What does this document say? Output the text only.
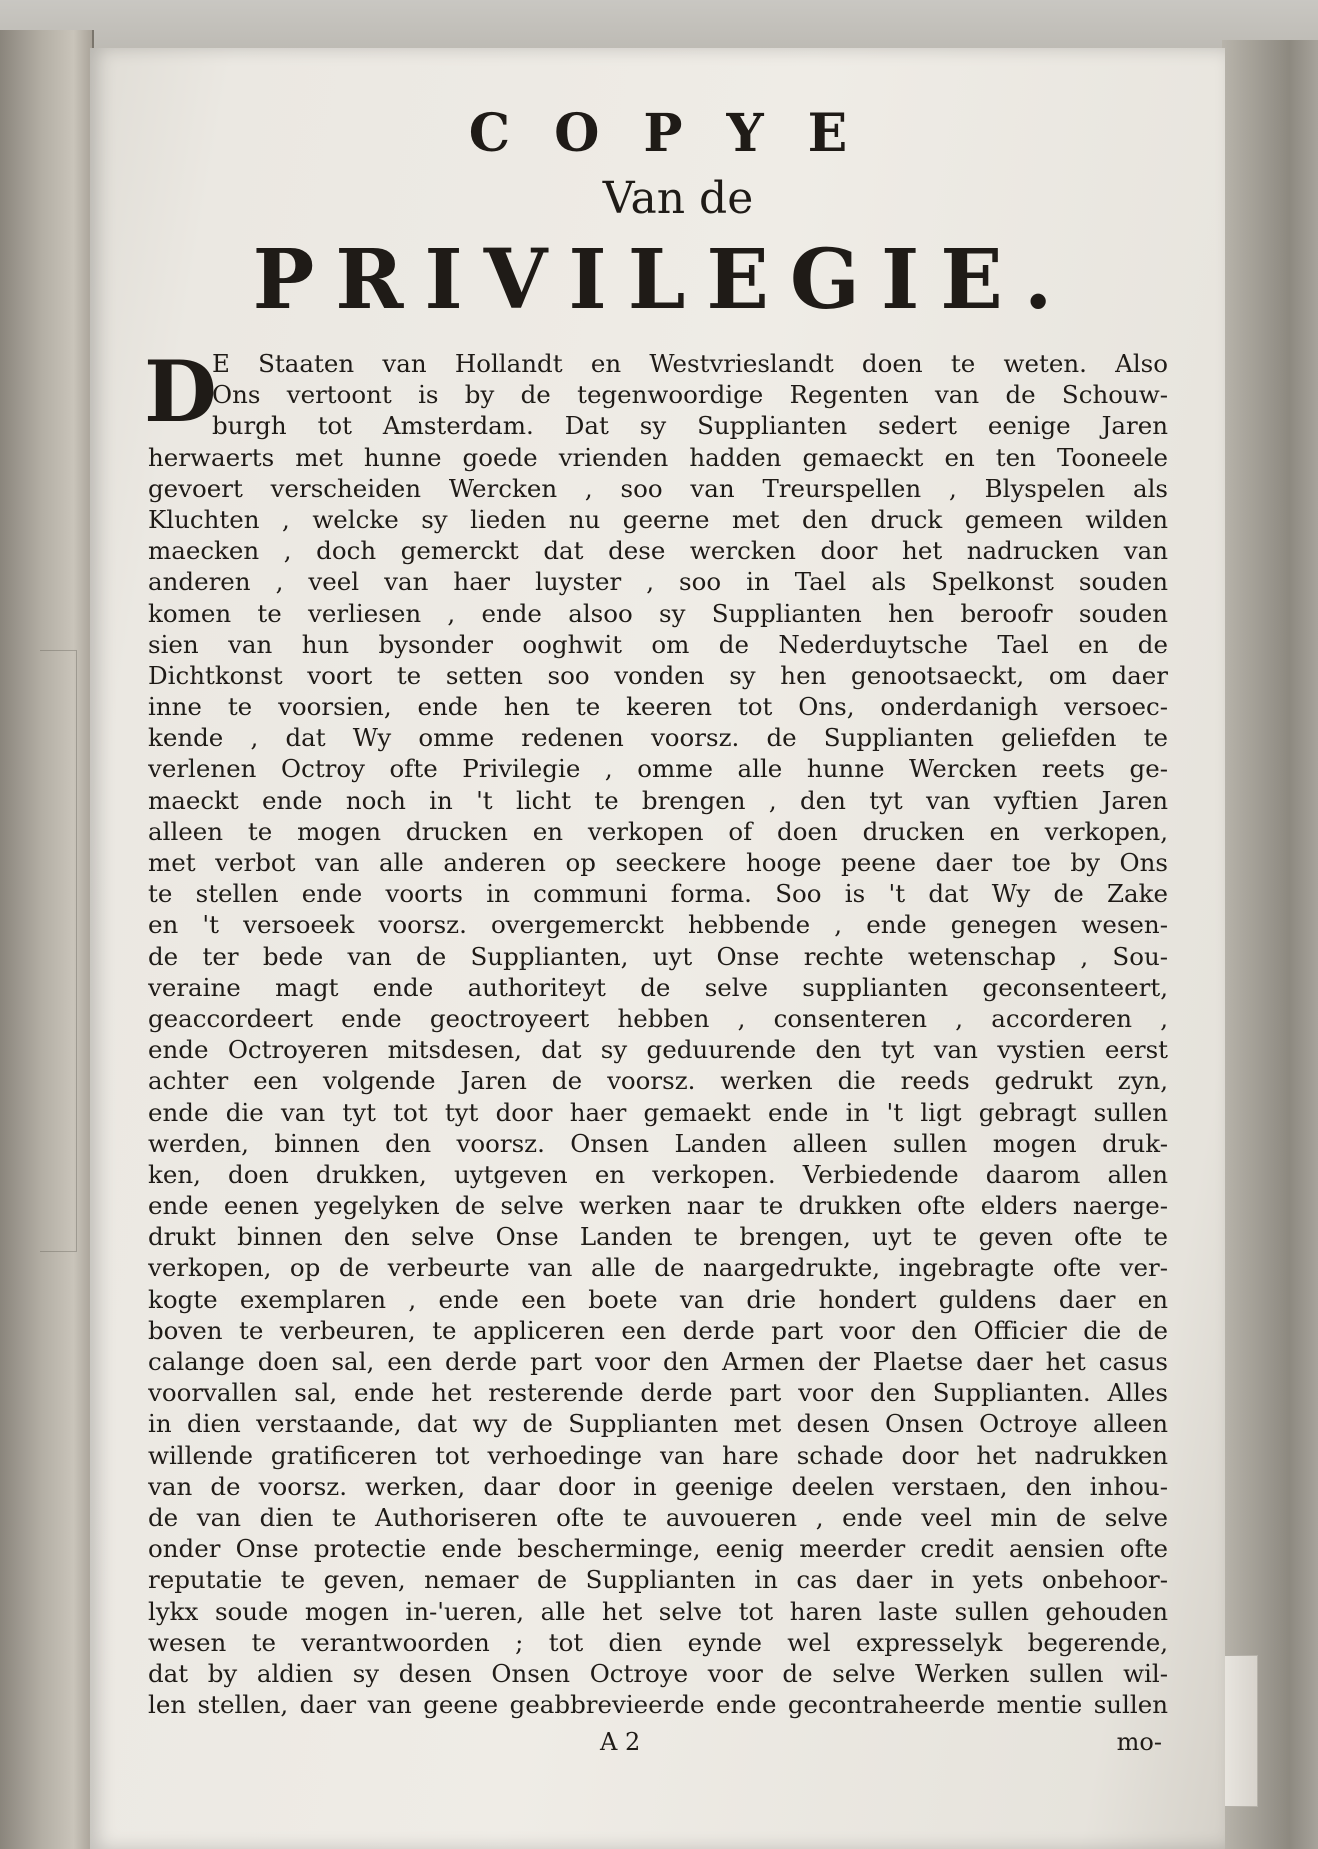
COPYE
Van de
PRIVILEGIE.
D
E Staaten van Hollandt en Westvrieslandt doen te weten. Also
Ons vertoont is by de tegenwoordige Regenten van de Schouw-
burgh tot Amsterdam. Dat sy Supplianten sedert eenige Jaren
herwaerts met hunne goede vrienden hadden gemaeckt en ten Tooneele
gevoert verscheiden Wercken , soo van Treurspellen , Blyspelen als
Kluchten , welcke sy lieden nu geerne met den druck gemeen wilden
maecken , doch gemerckt dat dese wercken door het nadrucken van
anderen , veel van haer luyster , soo in Tael als Spelkonst souden
komen te verliesen , ende alsoo sy Supplianten hen beroofr souden
sien van hun bysonder ooghwit om de Nederduytsche Tael en de
Dichtkonst voort te setten soo vonden sy hen genootsaeckt, om daer
inne te voorsien, ende hen te keeren tot Ons, onderdanigh versoec-
kende , dat Wy omme redenen voorsz. de Supplianten geliefden te
verlenen Octroy ofte Privilegie , omme alle hunne Wercken reets ge-
maeckt ende noch in 't licht te brengen , den tyt van vyftien Jaren
alleen te mogen drucken en verkopen of doen drucken en verkopen,
met verbot van alle anderen op seeckere hooge peene daer toe by Ons
te stellen ende voorts in communi forma. Soo is 't dat Wy de Zake
en 't versoeek voorsz. overgemerckt hebbende , ende genegen wesen-
de ter bede van de Supplianten, uyt Onse rechte wetenschap , Sou-
veraine magt ende authoriteyt de selve supplianten geconsenteert,
geaccordeert ende geoctroyeert hebben , consenteren , accorderen ,
ende Octroyeren mitsdesen, dat sy geduurende den tyt van vystien eerst
achter een volgende Jaren de voorsz. werken die reeds gedrukt zyn,
ende die van tyt tot tyt door haer gemaekt ende in 't ligt gebragt sullen
werden, binnen den voorsz. Onsen Landen alleen sullen mogen druk-
ken, doen drukken, uytgeven en verkopen. Verbiedende daarom allen
ende eenen yegelyken de selve werken naar te drukken ofte elders naerge-
drukt binnen den selve Onse Landen te brengen, uyt te geven ofte te
verkopen, op de verbeurte van alle de naargedrukte, ingebragte ofte ver-
kogte exemplaren , ende een boete van drie hondert guldens daer en
boven te verbeuren, te appliceren een derde part voor den Officier die de
calange doen sal, een derde part voor den Armen der Plaetse daer het casus
voorvallen sal, ende het resterende derde part voor den Supplianten. Alles
in dien verstaande, dat wy de Supplianten met desen Onsen Octroye alleen
willende gratificeren tot verhoedinge van hare schade door het nadrukken
van de voorsz. werken, daar door in geenige deelen verstaen, den inhou-
de van dien te Authoriseren ofte te auvoueren , ende veel min de selve
onder Onse protectie ende bescherminge, eenig meerder credit aensien ofte
reputatie te geven, nemaer de Supplianten in cas daer in yets onbehoor-
lykx soude mogen in-'ueren, alle het selve tot haren laste sullen gehouden
wesen te verantwoorden ; tot dien eynde wel expresselyk begerende,
dat by aldien sy desen Onsen Octroye voor de selve Werken sullen wil-
len stellen, daer van geene geabbrevieerde ende gecontraheerde mentie sullen
A 2	mo-
